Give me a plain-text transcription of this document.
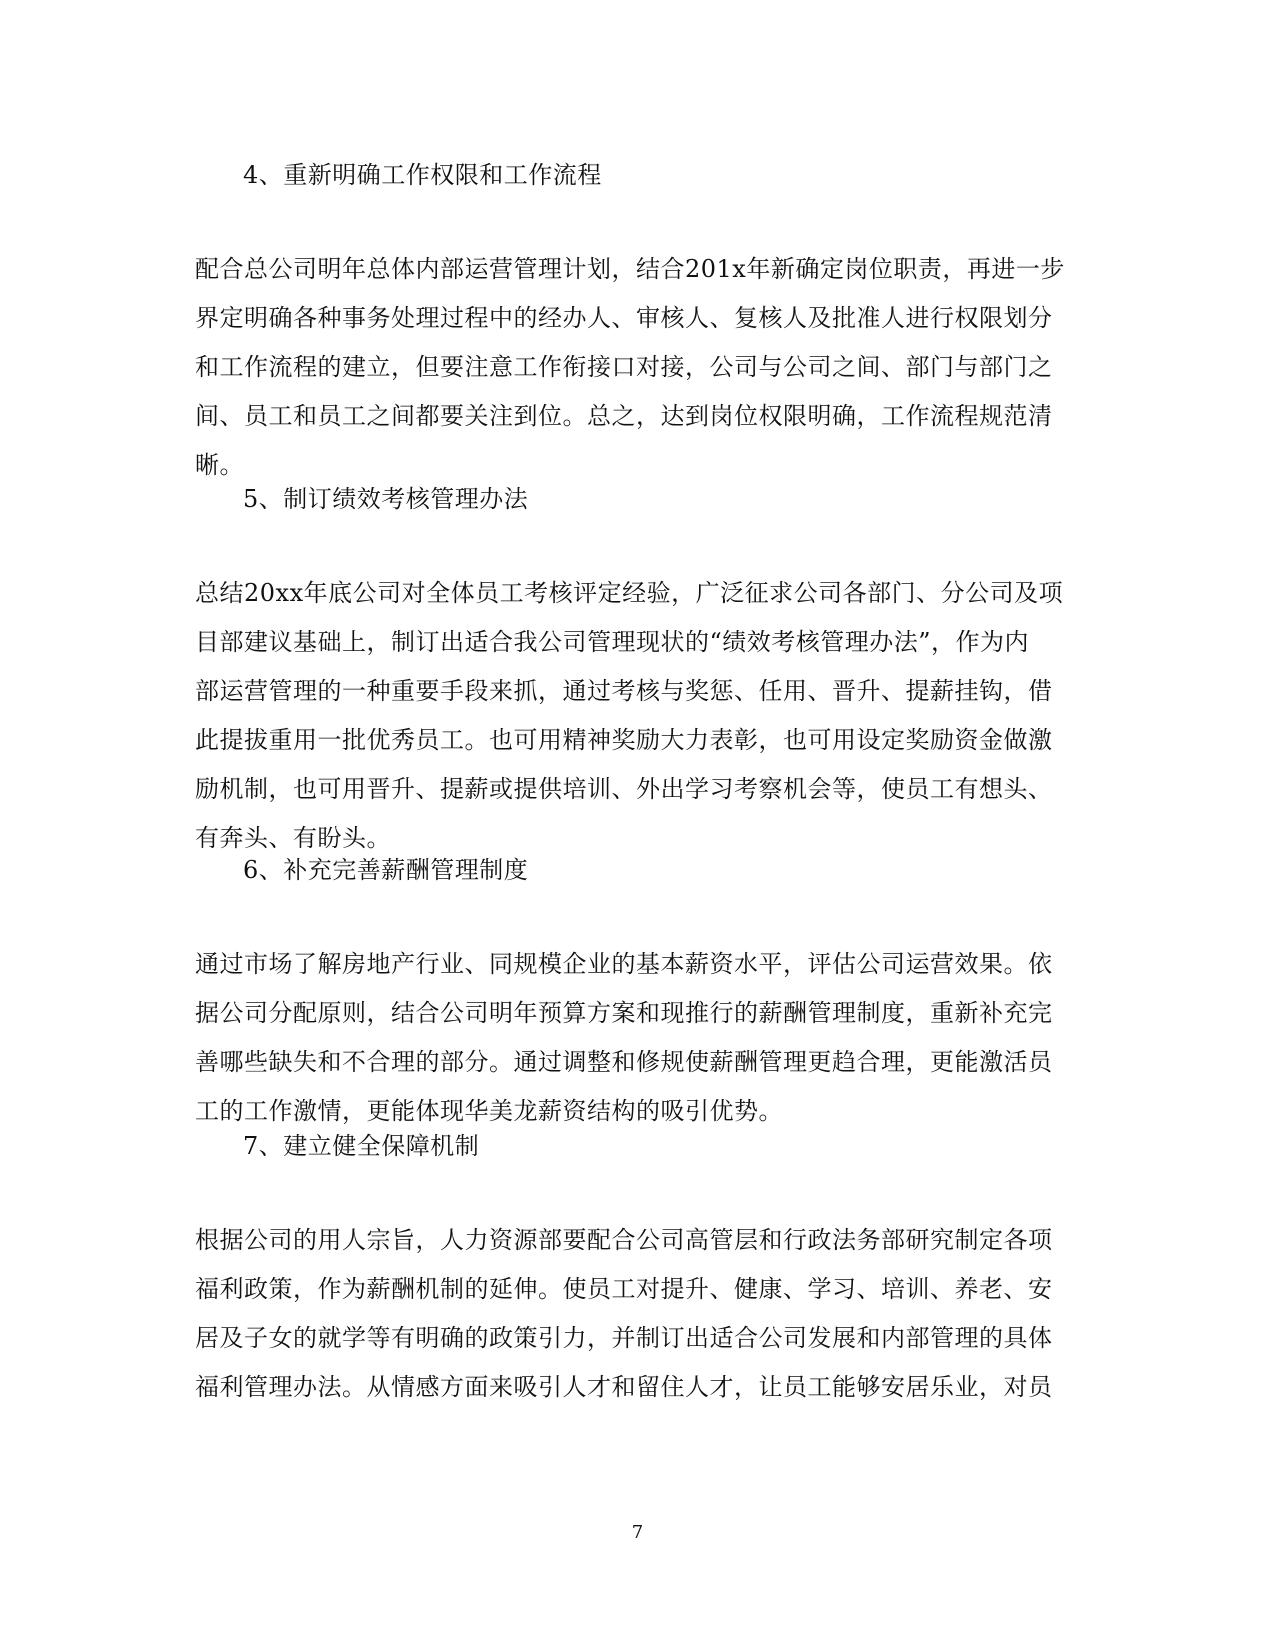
4、重新明确工作权限和工作流程
配合总公司明年总体内部运营管理计划，结合201x年新确定岗位职责，再进一步
界定明确各种事务处理过程中的经办人、审核人、复核人及批准人进行权限划分
和工作流程的建立，但要注意工作衔接口对接，公司与公司之间、部门与部门之
间、员工和员工之间都要关注到位。总之，达到岗位权限明确，工作流程规范清
晰。
5、制订绩效考核管理办法
总结20xx年底公司对全体员工考核评定经验，广泛征求公司各部门、分公司及项
目部建议基础上，制订出适合我公司管理现状的“绩效考核管理办法”，作为内
部运营管理的一种重要手段来抓，通过考核与奖惩、任用、晋升、提薪挂钩，借
此提拔重用一批优秀员工。也可用精神奖励大力表彰，也可用设定奖励资金做激
励机制，也可用晋升、提薪或提供培训、外出学习考察机会等，使员工有想头、
有奔头、有盼头。
6、补充完善薪酬管理制度
通过市场了解房地产行业、同规模企业的基本薪资水平，评估公司运营效果。依
据公司分配原则，结合公司明年预算方案和现推行的薪酬管理制度，重新补充完
善哪些缺失和不合理的部分。通过调整和修规使薪酬管理更趋合理，更能激活员
工的工作激情，更能体现华美龙薪资结构的吸引优势。
7、建立健全保障机制
根据公司的用人宗旨，人力资源部要配合公司高管层和行政法务部研究制定各项
福利政策，作为薪酬机制的延伸。使员工对提升、健康、学习、培训、养老、安
居及子女的就学等有明确的政策引力，并制订出适合公司发展和内部管理的具体
福利管理办法。从情感方面来吸引人才和留住人才，让员工能够安居乐业，对员
7
